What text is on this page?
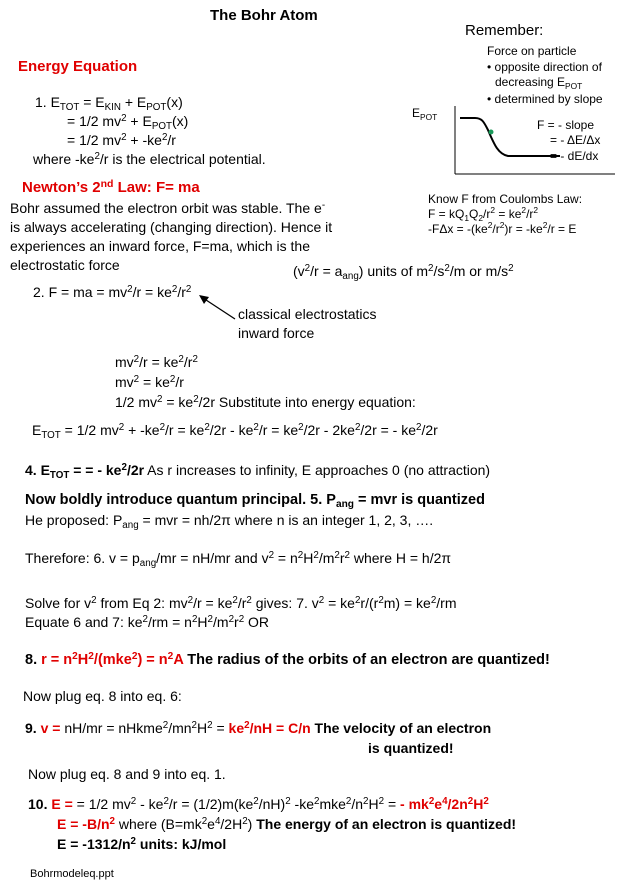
The Bohr Atom
Remember:
Force on particle
• opposite direction of
decreasing $E_{POT}$
• determined by slope
$E_{POT}$
F = - slope
= - ΔE/Δx
= - dE/dx
Know F from Coulombs Law:
$F = kQ_1Q_2/r^2 = ke^2/r^2$
$-F\Delta x = -(ke^2/r^2)r = -ke^2/r = E$
Energy Equation
1. $E_{TOT} = E_{KIN} + E_{POT}(x)$
= 1/2 $mv^2 + E_{POT}(x)$
= 1/2 $mv^2 + -ke^2/r$
where $-ke^2/r$ is the electrical potential.
Newton’s 2nd Law: F= ma
Bohr assumed the electron orbit was stable. The e-
is always accelerating (changing direction). Hence it
experiences an inward force, F=ma, which is the
electrostatic force	$(v^2/r = a_{ang})$ units of $m^2/s^2/m$ or $m/s^2$
2. F = ma = $mv^2/r = ke^2/r^2$
classical electrostatics
inward force
$mv^2/r = ke^2/r^2$
$mv^2 = ke^2/r$
1/2 $mv^2 = ke^2/2r$ Substitute into energy equation:
$E_{TOT} = 1/2$ $mv^2 + -ke^2/r = ke^2/2r - ke^2/r = ke^2/2r - 2ke^2/2r$ = - $ke^2/2r$
4. $E_{TOT}$ = = - $ke^2/2r$ As r increases to infinity, E approaches 0 (no attraction)
Now boldly introduce quantum principal. 5. $P_{ang}$ = mvr is quantized
He proposed: $P_{ang}$ = mvr = nh/2π where n is an integer 1, 2, 3, ….
Therefore: 6. $v = p_{ang}/mr = nH/mr$ and $v^2 = n^2H^2/m^2r^2$ where H = h/2π
Solve for $v^2$ from Eq 2: $mv^2/r = ke^2/r^2$ gives: 7. $v^2 = ke^2r/(r^2m) = ke^2/rm$
Equate 6 and 7: $ke^2/rm = n^2H^2/m^2r^2$ OR
8. $r = n^2H^2/(mke^2) = n^2A$ The radius of the orbits of an electron are quantized!
Now plug eq. 8 into eq. 6:
9. $v = nH/mr = nHkme^2/mn^2H^2 = ke^2/nH = C/n$ The velocity of an electron
is quantized!
Now plug eq. 8 and 9 into eq. 1.
10. E = = 1/2 $mv^2 - ke^2/r = (1/2)m(ke^2/nH)^2$ $-ke^2mke^2/n^2H^2$ = - $mk^2e^4/2n^2H^2$
$E = -B/n^2$ where $(B=mk^2e^4/2H^2)$ The energy of an electron is quantized!
$E = -1312/n^2$ units: kJ/mol
Bohrmodeleq.ppt
